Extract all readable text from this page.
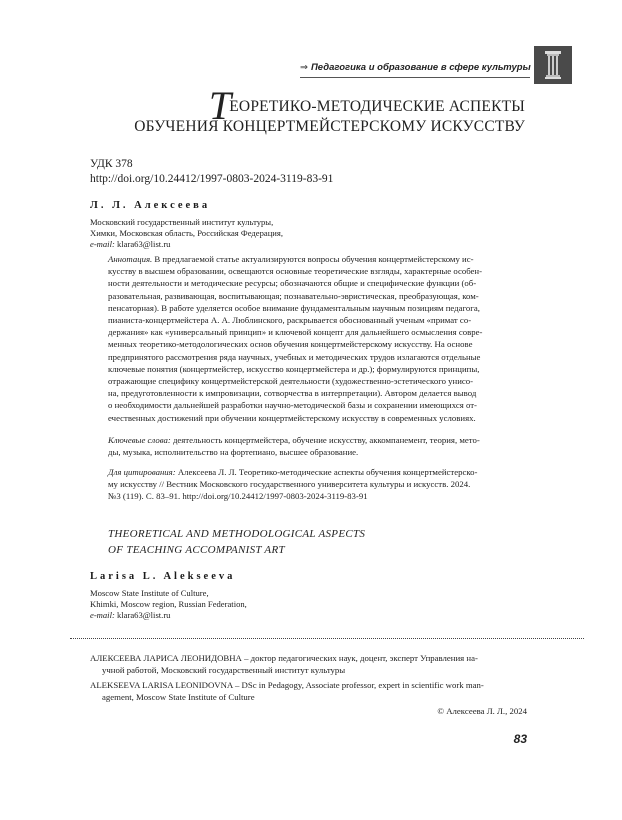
⇒ Педагогика и образование в сфере культуры
ТЕОРЕТИКО-МЕТОДИЧЕСКИЕ АСПЕКТЫ
ОБУЧЕНИЯ КОНЦЕРТМЕЙСТЕРСКОМУ ИСКУССТВУ
УДК 378
http://doi.org/10.24412/1997-0803-2024-3119-83-91
Л. Л. Алексеева
Московский государственный институт культуры,
Химки, Московская область, Российская Федерация,
e-mail: klara63@list.ru
Аннотация. В предлагаемой статье актуализируются вопросы обучения концертмейстерскому ис-
кусству в высшем образовании, освещаются основные теоретические взгляды, характерные особен-
ности деятельности и методические ресурсы; обозначаются общие и специфические функции (об-
разовательная, развивающая, воспитывающая; познавательно-эвристическая, преобразующая, ком-
пенсаторная). В работе уделяется особое внимание фундаментальным научным позициям педагога,
пианиста-концертмейстера А. А. Люблинского, раскрывается обоснованный ученым «примат со-
держания» как «универсальный принцип» и ключевой концепт для дальнейшего осмысления совре-
менных теоретико-методологических основ обучения концертмейстерскому искусству. На основе
предпринятого рассмотрения ряда научных, учебных и методических трудов излагаются отдельные
ключевые понятия (концертмейстер, искусство концертмейстера и др.); формулируются принципы,
отражающие специфику концертмейстерской деятельности (художественно-эстетического унисо-
на, предуготовленности к импровизации, сотворчества в интерпретации). Автором делается вывод
о необходимости дальнейшей разработки научно-методической базы и сохранении имеющихся от-
ечественных достижений при обучении концертмейстерскому искусству в современных условиях.
Ключевые слова: деятельность концертмейстера, обучение искусству, аккомпанемент, теория, мето-
ды, музыка, исполнительство на фортепиано, высшее образование.
Для цитирования: Алексеева Л. Л. Теоретико-методические аспекты обучения концертмейстерско-
му искусству // Вестник Московского государственного университета культуры и искусств. 2024.
№3 (119). С. 83–91. http://doi.org/10.24412/1997-0803-2024-3119-83-91
THEORETICAL AND METHODOLOGICAL ASPECTS
OF TEACHING ACCOMPANIST ART
Larisa L. Alekseeva
Moscow State Institute of Culture,
Khimki, Moscow region, Russian Federation,
e-mail: klara63@list.ru
АЛЕКСЕЕВА ЛАРИСА ЛЕОНИДОВНА – доктор педагогических наук, доцент, эксперт Управления на-
учной работой, Московский государственный институт культуры
ALEKSEEVA LARISA LEONIDOVNA – DSc in Pedagogy, Associate professor, expert in scientific work man-
agement, Moscow State Institute of Culture
© Алексеева Л. Л., 2024
83
